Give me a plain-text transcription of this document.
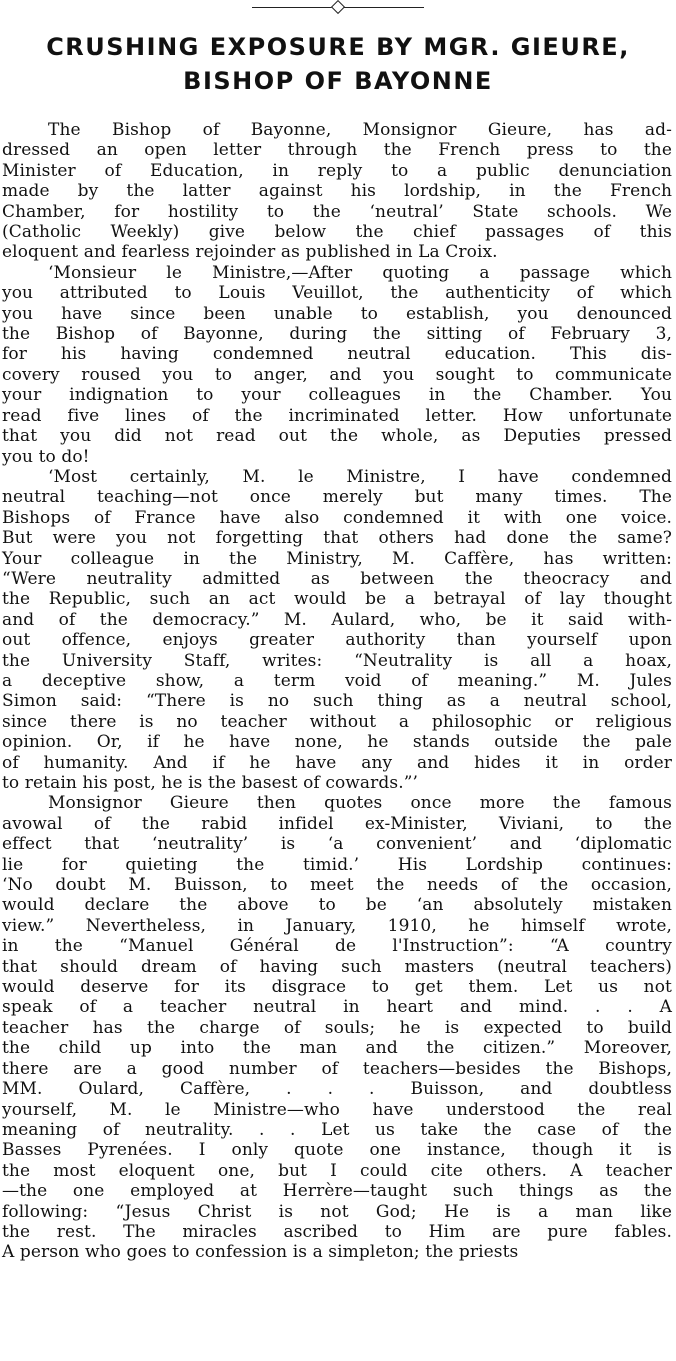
CRUSHING EXPOSURE BY MGR. GIEURE,
BISHOP OF BAYONNE

The Bishop of Bayonne, Monsignor Gieure, has ad-
dressed an open letter through the French press to the
Minister of Education, in reply to a public denunciation
made by the latter against his lordship, in the French
Chamber, for hostility to the ‘neutral’ State schools. We
(Catholic Weekly) give below the chief passages of this
eloquent and fearless rejoinder as published in La Croix.

‘Monsieur le Ministre,—After quoting a passage which
you attributed to Louis Veuillot, the authenticity of which
you have since been unable to establish, you denounced
the Bishop of Bayonne, during the sitting of February 3,
for his having condemned neutral education. This dis-
covery roused you to anger, and you sought to communicate
your indignation to your colleagues in the Chamber. You
read five lines of the incriminated letter. How unfortunate
that you did not read out the whole, as Deputies pressed
you to do!

‘Most certainly, M. le Ministre, I have condemned
neutral teaching—not once merely but many times. The
Bishops of France have also condemned it with one voice.
But were you not forgetting that others had done the same?
Your colleague in the Ministry, M. Caffère, has written:
“Were neutrality admitted as between the theocracy and
the Republic, such an act would be a betrayal of lay thought
and of the democracy.” M. Aulard, who, be it said with-
out offence, enjoys greater authority than yourself upon
the University Staff, writes: “Neutrality is all a hoax,
a deceptive show, a term void of meaning.” M. Jules
Simon said: “There is no such thing as a neutral school,
since there is no teacher without a philosophic or religious
opinion. Or, if he have none, he stands outside the pale
of humanity. And if he have any and hides it in order
to retain his post, he is the basest of cowards.”’

Monsignor Gieure then quotes once more the famous
avowal of the rabid infidel ex-Minister, Viviani, to the
effect that ‘neutrality’ is ‘a convenient’ and ‘diplomatic
lie for quieting the timid.’ His Lordship continues:
‘No doubt M. Buisson, to meet the needs of the occasion,
would declare the above to be ‘an absolutely mistaken
view.” Nevertheless, in January, 1910, he himself wrote,
in the “Manuel Général de l'Instruction”: “A country
that should dream of having such masters (neutral teachers)
would deserve for its disgrace to get them. Let us not
speak of a teacher neutral in heart and mind. . . A
teacher has the charge of souls; he is expected to build
the child up into the man and the citizen.” Moreover,
there are a good number of teachers—besides the Bishops,
MM. Oulard, Caffère, . . . Buisson, and doubtless
yourself, M. le Ministre—who have understood the real
meaning of neutrality. . . Let us take the case of the
Basses Pyrenées. I only quote one instance, though it is
the most eloquent one, but I could cite others. A teacher
—the one employed at Herrère—taught such things as the
following: “Jesus Christ is not God; He is a man like
the rest. The miracles ascribed to Him are pure fables.
A person who goes to confession is a simpleton; the priests
